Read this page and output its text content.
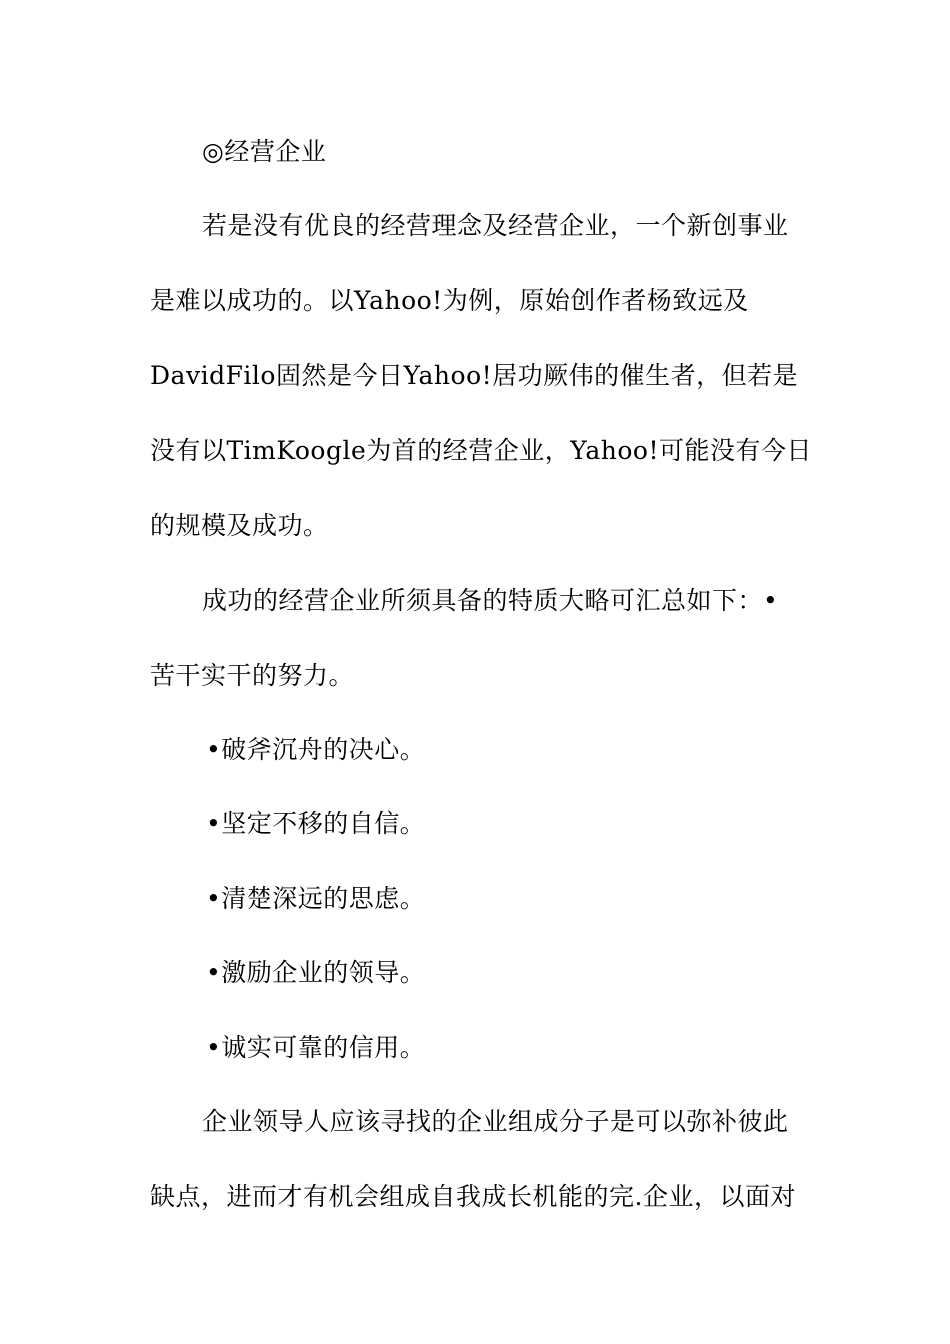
◎经营企业
若是没有优良的经营理念及经营企业，一个新创事业
是难以成功的。以Yahoo!为例，原始创作者杨致远及
DavidFilo固然是今日Yahoo!居功厥伟的催生者，但若是
没有以TimKoogle为首的经营企业，Yahoo!可能没有今日
的规模及成功。
成功的经营企业所须具备的特质大略可汇总如下：•
苦干实干的努力。
•破斧沉舟的决心。
•坚定不移的自信。
•清楚深远的思虑。
•激励企业的领导。
•诚实可靠的信用。
企业领导人应该寻找的企业组成分子是可以弥补彼此
缺点，进而才有机会组成自我成长机能的完.企业，以面对
